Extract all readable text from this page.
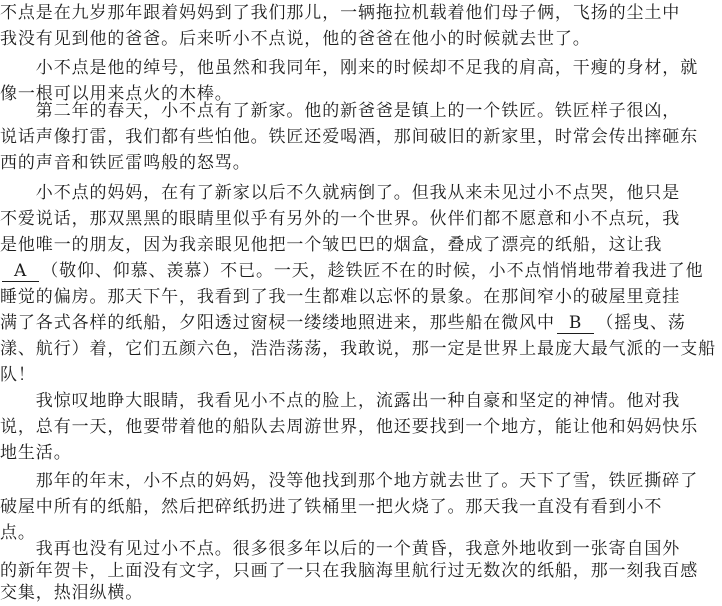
不点是在九岁那年跟着妈妈到了我们那儿，一辆拖拉机载着他们母子俩，飞扬的尘土中
我没有见到他的爸爸。后来听小不点说，他的爸爸在他小的时候就去世了。
　　小不点是他的绰号，他虽然和我同年，刚来的时候却不足我的肩高，干瘦的身材，就
像一根可以用来点火的木棒。
　　第二年的春天，小不点有了新家。他的新爸爸是镇上的一个铁匠。铁匠样子很凶，
说话声像打雷，我们都有些怕他。铁匠还爱喝酒，那间破旧的新家里，时常会传出摔砸东
西的声音和铁匠雷鸣般的怒骂。
　　小不点的妈妈，在有了新家以后不久就病倒了。但我从来未见过小不点哭，他只是
不爱说话，那双黑黑的眼睛里似乎有另外的一个世界。伙伴们都不愿意和小不点玩，我
是他唯一的朋友，因为我亲眼见他把一个皱巴巴的烟盒，叠成了漂亮的纸船，这让我
A （敬仰、仰慕、羡慕）不已。一天，趁铁匠不在的时候，小不点悄悄地带着我进了他
睡觉的偏房。那天下午，我看到了我一生都难以忘怀的景象。在那间窄小的破屋里竟挂
满了各式各样的纸船，夕阳透过窗棂一缕缕地照进来，那些船在微风中 B （摇曳、荡
漾、航行）着，它们五颜六色，浩浩荡荡，我敢说，那一定是世界上最庞大最气派的一支船
队！
　　我惊叹地睁大眼睛，我看见小不点的脸上，流露出一种自豪和坚定的神情。他对我
说，总有一天，他要带着他的船队去周游世界，他还要找到一个地方，能让他和妈妈快乐
地生活。
　　那年的年末，小不点的妈妈，没等他找到那个地方就去世了。天下了雪，铁匠撕碎了
破屋中所有的纸船，然后把碎纸扔进了铁桶里一把火烧了。那天我一直没有看到小不
点。
　　我再也没有见过小不点。很多很多年以后的一个黄昏，我意外地收到一张寄自国外
的新年贺卡，上面没有文字，只画了一只在我脑海里航行过无数次的纸船，那一刻我百感
交集，热泪纵横。
